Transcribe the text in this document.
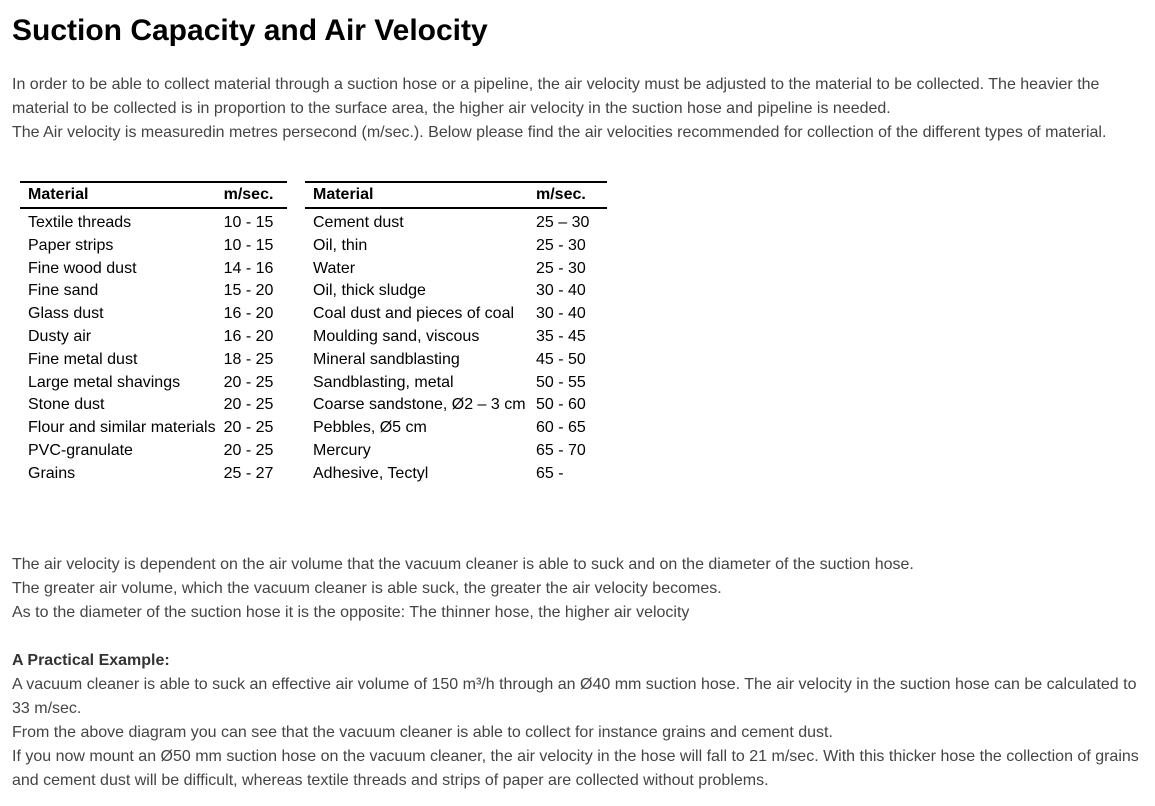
Suction Capacity and Air Velocity

In order to be able to collect material through a suction hose or a pipeline, the air velocity must be adjusted to the material to be collected. The heavier the material to be collected is in proportion to the surface area, the higher air velocity in the suction hose and pipeline is needed.

The Air velocity is measuredin metres persecond (m/sec.). Below please find the air velocities recommended for collection of the different types of material.

Material	m/sec.
Textile threads	10 - 15
Paper strips	10 - 15
Fine wood dust	14 - 16
Fine sand	15 - 20
Glass dust	16 - 20
Dusty air	16 - 20
Fine metal dust	18 - 25
Large metal shavings	20 - 25
Stone dust	20 - 25
Flour and similar materials	20 - 25
PVC-granulate	20 - 25
Grains	25 - 27
Material	m/sec.
Cement dust	25 – 30
Oil, thin	25 - 30
Water	25 - 30
Oil, thick sludge	30 - 40
Coal dust and pieces of coal	30 - 40
Moulding sand, viscous	35 - 45
Mineral sandblasting	45 - 50
Sandblasting, metal	50 - 55
Coarse sandstone, Ø2 – 3 cm	50 - 60
Pebbles, Ø5 cm	60 - 65
Mercury	65 - 70
Adhesive, Tectyl	65 -

The air velocity is dependent on the air volume that the vacuum cleaner is able to suck and on the diameter of the suction hose.

The greater air volume, which the vacuum cleaner is able suck, the greater the air velocity becomes.

As to the diameter of the suction hose it is the opposite: The thinner hose, the higher air velocity

A Practical Example:

A vacuum cleaner is able to suck an effective air volume of 150 m³/h through an Ø40 mm suction hose. The air velocity in the suction hose can be calculated to 33 m/sec.

From the above diagram you can see that the vacuum cleaner is able to collect for instance grains and cement dust.

If you now mount an Ø50 mm suction hose on the vacuum cleaner, the air velocity in the hose will fall to 21 m/sec. With this thicker hose the collection of grains and cement dust will be difficult, whereas textile threads and strips of paper are collected without problems.
